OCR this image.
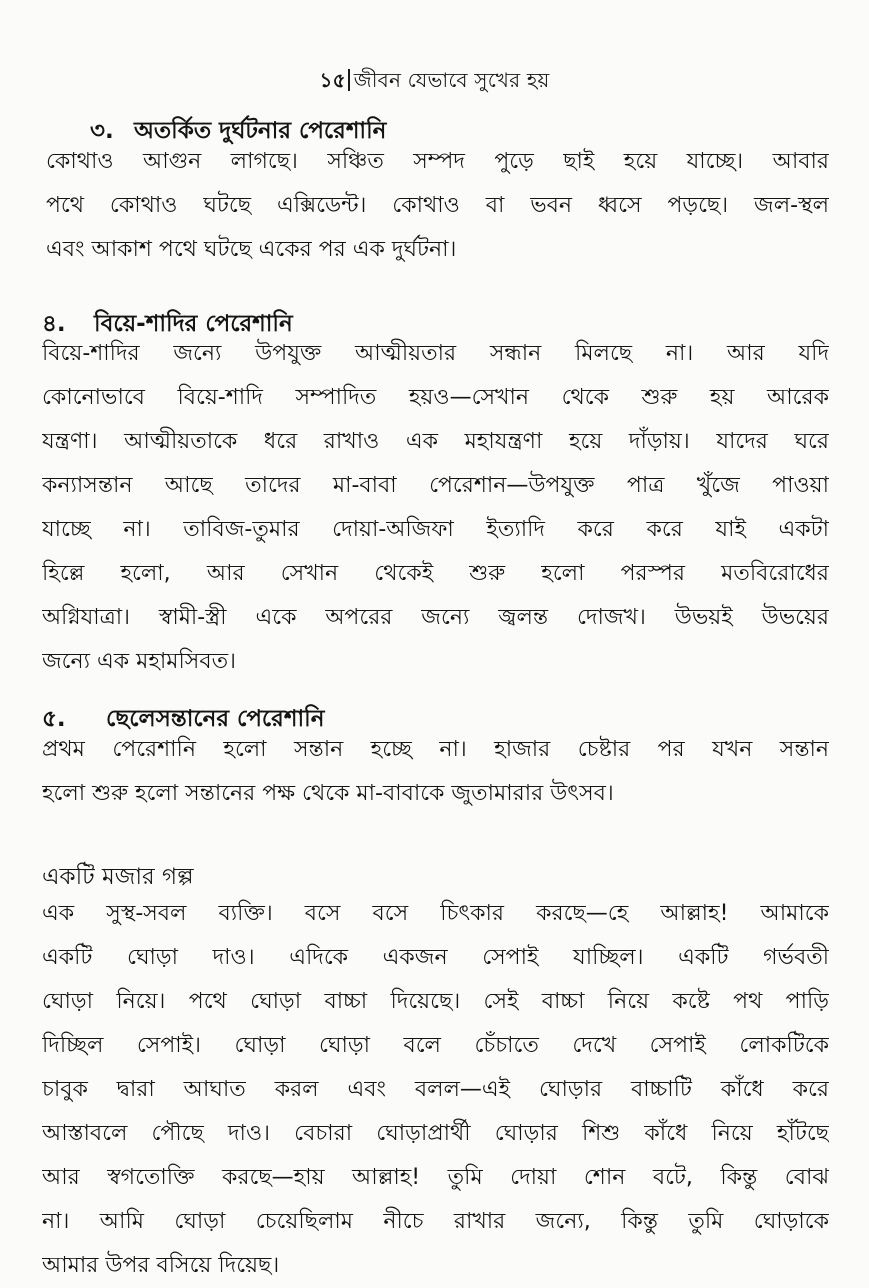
১৫ জীবন যেভাবে সুখের হয়
৩. অতর্কিত দুর্ঘটনার পেরেশানি
কোথাও আগুন লাগছে। সঞ্চিত সম্পদ পুড়ে ছাই হয়ে যাচ্ছে। আবার
পথে কোথাও ঘটছে এক্সিডেন্ট। কোথাও বা ভবন ধ্বসে পড়ছে। জল-স্থল
এবং আকাশ পথে ঘটছে একের পর এক দুর্ঘটনা।
৪. বিয়ে-শাদির পেরেশানি
বিয়ে-শাদির জন্যে উপযুক্ত আত্মীয়তার সন্ধান মিলছে না। আর যদি
কোনোভাবে বিয়ে-শাদি সম্পাদিত হয়ও—সেখান থেকে শুরু হয় আরেক
যন্ত্রণা। আত্মীয়তাকে ধরে রাখাও এক মহাযন্ত্রণা হয়ে দাঁড়ায়। যাদের ঘরে
কন্যাসন্তান আছে তাদের মা-বাবা পেরেশান—উপযুক্ত পাত্র খুঁজে পাওয়া
যাচ্ছে না। তাবিজ-তুমার দোয়া-অজিফা ইত্যাদি করে করে যাই একটা
হিল্লে হলো, আর সেখান থেকেই শুরু হলো পরস্পর মতবিরোধের
অগ্নিযাত্রা। স্বামী-স্ত্রী একে অপরের জন্যে জ্বলন্ত দোজখ। উভয়ই উভয়ের
জন্যে এক মহামসিবত।
৫. ছেলেসন্তানের পেরেশানি
প্রথম পেরেশানি হলো সন্তান হচ্ছে না। হাজার চেষ্টার পর যখন সন্তান
হলো শুরু হলো সন্তানের পক্ষ থেকে মা-বাবাকে জুতামারার উৎসব।
একটি মজার গল্প
এক সুস্থ-সবল ব্যক্তি। বসে বসে চিৎকার করছে—হে আল্লাহ! আমাকে
একটি ঘোড়া দাও। এদিকে একজন সেপাই যাচ্ছিল। একটি গর্ভবতী
ঘোড়া নিয়ে। পথে ঘোড়া বাচ্চা দিয়েছে। সেই বাচ্চা নিয়ে কষ্টে পথ পাড়ি
দিচ্ছিল সেপাই। ঘোড়া ঘোড়া বলে চেঁচাতে দেখে সেপাই লোকটিকে
চাবুক দ্বারা আঘাত করল এবং বলল—এই ঘোড়ার বাচ্চাটি কাঁধে করে
আস্তাবলে পৌছে দাও। বেচারা ঘোড়াপ্রার্থী ঘোড়ার শিশু কাঁধে নিয়ে হাঁটছে
আর স্বগতোক্তি করছে—হায় আল্লাহ! তুমি দোয়া শোন বটে, কিন্তু বোঝ
না। আমি ঘোড়া চেয়েছিলাম নীচে রাখার জন্যে, কিন্তু তুমি ঘোড়াকে
আমার উপর বসিয়ে দিয়েছ।
